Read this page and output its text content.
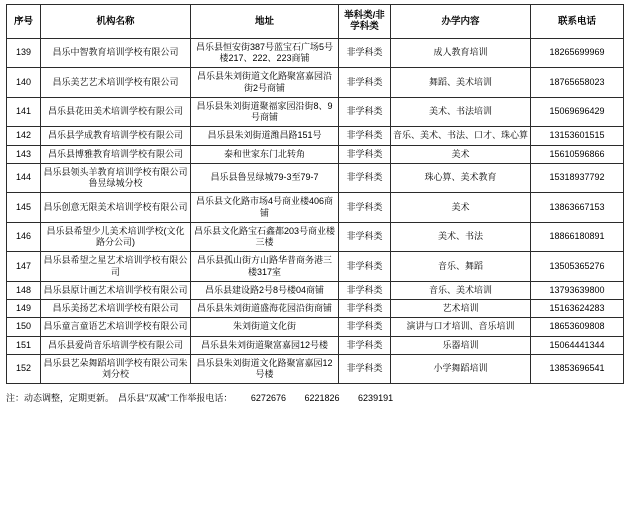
序号	机构名称	地址	举科类/非
学科类	办学内容	联系电话
139	昌乐中智教育培训学校有限公司	昌乐县恒安街387号蓝宝石广场5号楼217、222、223商铺	非学科类	成人教育培训	18265699969
140	昌乐美艺艺术培训学校有限公司	昌乐县朱刘街道文化路聚富嘉园沿街2号商铺	非学科类	舞蹈、美术培训	18765658023
141	昌乐县花田美术培训学校有限公司	昌乐县朱刘街道聚福家园沿街8、9号商铺	非学科类	美术、书法培训	15069696429
142	昌乐县学成教育培训学校有限公司	昌乐县朱刘街道潍昌路151号	非学科类	音乐、美术、书法、口才、珠心算	13153601515
143	昌乐县博雅教育培训学校有限公司	泰和世家东门北转角	非学科类	美术	15610596866
144	昌乐县领头羊教育培训学校有限公司鲁昱绿城分校	昌乐县鲁昱绿城79-3至79-7	非学科类	珠心算、美术教育	15318937792
145	昌乐创意无限美术培训学校有限公司	昌乐县文化路市场4号商业楼406商铺	非学科类	美术	13863667153
146	昌乐县希望少儿美术培训学校(文化路分公司)	昌乐县文化路宝石鑫都203号商业楼三楼	非学科类	美术、书法	18866180891
147	昌乐县希望之星艺术培训学校有限公司	昌乐县孤山街方山路华普商务港三楼317室	非学科类	音乐、舞蹈	13505365276
148	昌乐县原计画艺术培训学校有限公司	昌乐县建设路2号8号楼04商铺	非学科类	音乐、美术培训	13793639800
149	昌乐美扬艺术培训学校有限公司	昌乐县朱刘街道盛海花园沿街商铺	非学科类	艺术培训	15163624283
150	昌乐童言童语艺术培训学校有限公司	朱刘街道文化街	非学科类	演讲与口才培训、音乐培训	18653609808
151	昌乐县爱尚音乐培训学校有限公司	昌乐县朱刘街道聚富嘉园12号楼	非学科类	乐器培训	15064441344
152	昌乐县艺朵舞蹈培训学校有限公司朱刘分校	昌乐县朱刘街道文化路聚富嘉园12号楼	非学科类	小学舞蹈培训	13853696541
注：动态调整，定期更新。 昌乐县"双减"工作举报电话： 6272676 6221826 6239191
